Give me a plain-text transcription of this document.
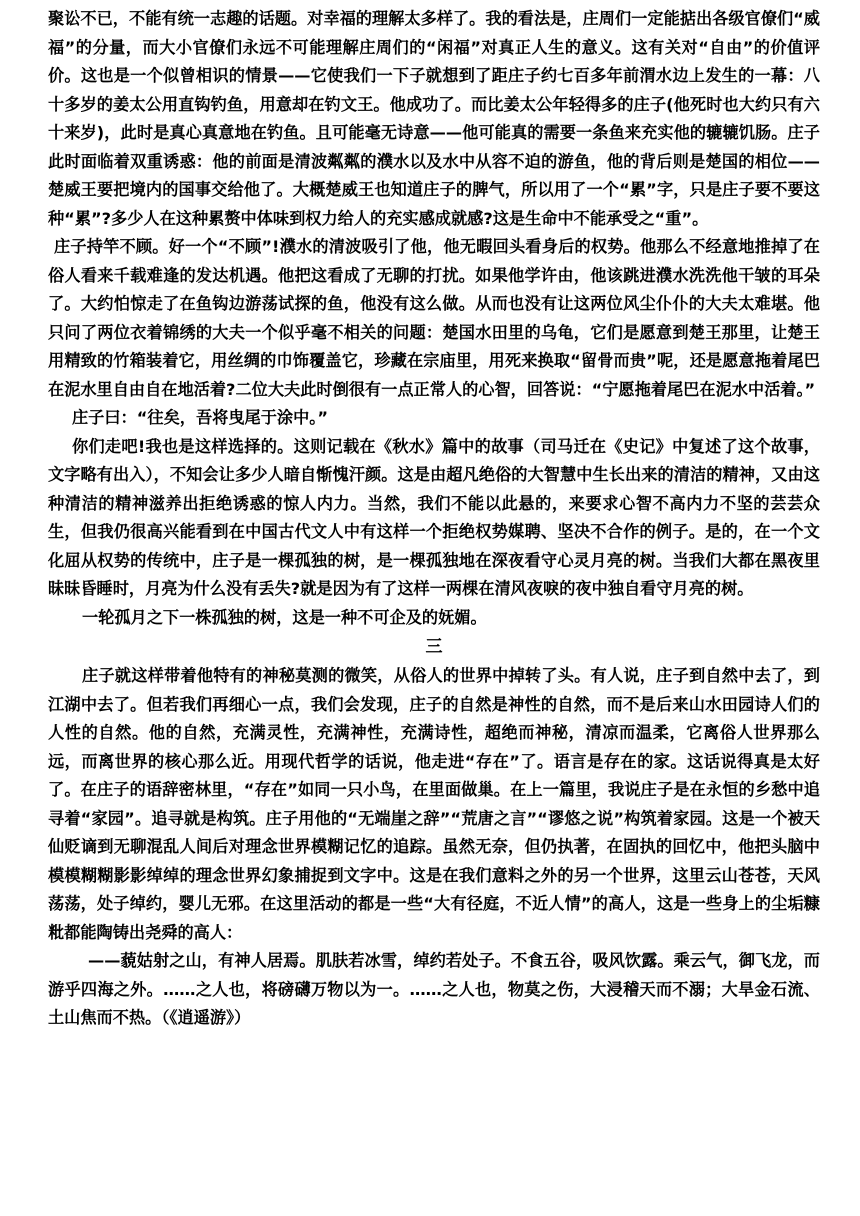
聚讼不已，不能有统一志趣的话题。对幸福的理解太多样了。我的看法是，庄周们一定能掂出各级官僚们“威福”的分量，而大小官僚们永远不可能理解庄周们的“闲福”对真正人生的意义。这有关对“自由”的价值评价。这也是一个似曾相识的情景——它使我们一下子就想到了距庄子约七百多年前渭水边上发生的一幕：八十多岁的姜太公用直钩钓鱼，用意却在钓文王。他成功了。而比姜太公年轻得多的庄子(他死时也大约只有六十来岁)，此时是真心真意地在钓鱼。且可能毫无诗意——他可能真的需要一条鱼来充实他的辘辘饥肠。庄子此时面临着双重诱惑：他的前面是清波粼粼的濮水以及水中从容不迫的游鱼，他的背后则是楚国的相位——楚威王要把境内的国事交给他了。大概楚威王也知道庄子的脾气，所以用了一个“累”字，只是庄子要不要这种“累”?多少人在这种累赘中体味到权力给人的充实感成就感?这是生命中不能承受之“重”。

庄子持竿不顾。好一个“不顾”!濮水的清波吸引了他，他无暇回头看身后的权势。他那么不经意地推掉了在俗人看来千载难逢的发达机遇。他把这看成了无聊的打扰。如果他学许由，他该跳进濮水洗洗他干皱的耳朵了。大约怕惊走了在鱼钩边游荡试探的鱼，他没有这么做。从而也没有让这两位风尘仆仆的大夫太难堪。他只问了两位衣着锦绣的大夫一个似乎毫不相关的问题：楚国水田里的乌龟，它们是愿意到楚王那里，让楚王用精致的竹箱装着它，用丝绸的巾饰覆盖它，珍藏在宗庙里，用死来换取“留骨而贵”呢，还是愿意拖着尾巴在泥水里自由自在地活着?二位大夫此时倒很有一点正常人的心智，回答说：“宁愿拖着尾巴在泥水中活着。”

庄子曰：“往矣，吾将曳尾于涂中。”

你们走吧!我也是这样选择的。这则记载在《秋水》篇中的故事（司马迁在《史记》中复述了这个故事，文字略有出入），不知会让多少人暗自惭愧汗颜。这是由超凡绝俗的大智慧中生长出来的清洁的精神，又由这种清洁的精神滋养出拒绝诱惑的惊人内力。当然，我们不能以此悬的，来要求心智不高内力不坚的芸芸众生，但我仍很高兴能看到在中国古代文人中有这样一个拒绝权势媒聘、坚决不合作的例子。是的，在一个文化屈从权势的传统中，庄子是一棵孤独的树，是一棵孤独地在深夜看守心灵月亮的树。当我们大都在黑夜里昧昧昏睡时，月亮为什么没有丢失?就是因为有了这样一两棵在清风夜唳的夜中独自看守月亮的树。

一轮孤月之下一株孤独的树，这是一种不可企及的妩媚。

三

庄子就这样带着他特有的神秘莫测的微笑，从俗人的世界中掉转了头。有人说，庄子到自然中去了，到江湖中去了。但若我们再细心一点，我们会发现，庄子的自然是神性的自然，而不是后来山水田园诗人们的人性的自然。他的自然，充满灵性，充满神性，充满诗性，超绝而神秘，清凉而温柔，它离俗人世界那么远，而离世界的核心那么近。用现代哲学的话说，他走进“存在”了。语言是存在的家。这话说得真是太好了。在庄子的语辞密林里，“存在”如同一只小鸟，在里面做巢。在上一篇里，我说庄子是在永恒的乡愁中追寻着“家园”。追寻就是构筑。庄子用他的“无端崖之辞”“荒唐之言”“谬悠之说”构筑着家园。这是一个被天仙贬谪到无聊混乱人间后对理念世界模糊记忆的追踪。虽然无奈，但仍执著，在固执的回忆中，他把头脑中模模糊糊影影绰绰的理念世界幻象捕捉到文字中。这是在我们意料之外的另一个世界，这里云山苍苍，天风荡荡，处子绰约，婴儿无邪。在这里活动的都是一些“大有径庭，不近人情”的高人，这是一些身上的尘垢糠粃都能陶铸出尧舜的高人：

——藐姑射之山，有神人居焉。肌肤若冰雪，绰约若处子。不食五谷，吸风饮露。乘云气，御飞龙，而游乎四海之外。……之人也，将磅礴万物以为一。……之人也，物莫之伤，大浸稽天而不溺；大旱金石流、土山焦而不热。（《逍遥游》）
